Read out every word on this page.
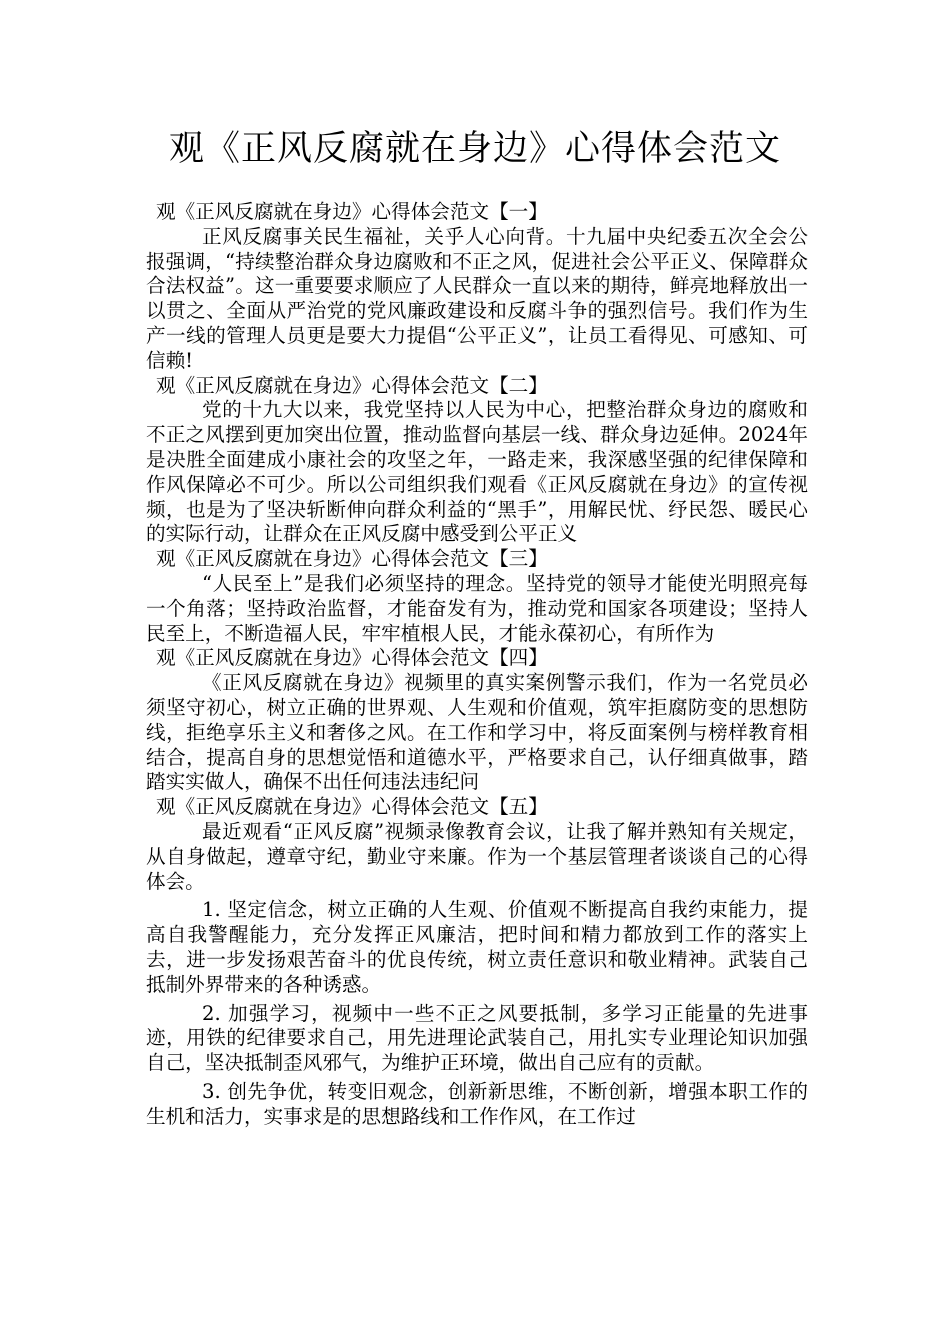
观《正风反腐就在身边》心得体会范文
观《正风反腐就在身边》心得体会范文【一】

正风反腐事关民生福祉，关乎人心向背。十九届中央纪委五次全会公报强调，“持续整治群众身边腐败和不正之风，促进社会公平正义、保障群众合法权益”。这一重要要求顺应了人民群众一直以来的期待，鲜亮地释放出一以贯之、全面从严治党的党风廉政建设和反腐斗争的强烈信号。我们作为生产一线的管理人员更是要大力提倡“公平正义”，让员工看得见、可感知、可信赖!

观《正风反腐就在身边》心得体会范文【二】

党的十九大以来，我党坚持以人民为中心，把整治群众身边的腐败和不正之风摆到更加突出位置，推动监督向基层一线、群众身边延伸。2024年是决胜全面建成小康社会的攻坚之年，一路走来，我深感坚强的纪律保障和作风保障必不可少。所以公司组织我们观看《正风反腐就在身边》的宣传视频，也是为了坚决斩断伸向群众利益的“黑手”，用解民忧、纾民怨、暖民心的实际行动，让群众在正风反腐中感受到公平正义

观《正风反腐就在身边》心得体会范文【三】

“人民至上”是我们必须坚持的理念。坚持党的领导才能使光明照亮每一个角落；坚持政治监督，才能奋发有为，推动党和国家各项建设；坚持人民至上，不断造福人民，牢牢植根人民，才能永葆初心，有所作为

观《正风反腐就在身边》心得体会范文【四】

《正风反腐就在身边》视频里的真实案例警示我们，作为一名党员必须坚守初心，树立正确的世界观、人生观和价值观，筑牢拒腐防变的思想防线，拒绝享乐主义和奢侈之风。在工作和学习中，将反面案例与榜样教育相结合，提高自身的思想觉悟和道德水平，严格要求自己，认仔细真做事，踏踏实实做人，确保不出任何违法违纪问

观《正风反腐就在身边》心得体会范文【五】

最近观看“正风反腐”视频录像教育会议，让我了解并熟知有关规定，从自身做起，遵章守纪，勤业守来廉。作为一个基层管理者谈谈自己的心得体会。

1. 坚定信念，树立正确的人生观、价值观不断提高自我约束能力，提高自我警醒能力，充分发挥正风廉洁，把时间和精力都放到工作的落实上去，进一步发扬艰苦奋斗的优良传统，树立责任意识和敬业精神。武装自己抵制外界带来的各种诱惑。

2. 加强学习，视频中一些不正之风要抵制，多学习正能量的先进事迹，用铁的纪律要求自己，用先进理论武装自己，用扎实专业理论知识加强自己，坚决抵制歪风邪气，为维护正环境，做出自己应有的贡献。

3. 创先争优，转变旧观念，创新新思维，不断创新，增强本职工作的生机和活力，实事求是的思想路线和工作作风，在工作过
